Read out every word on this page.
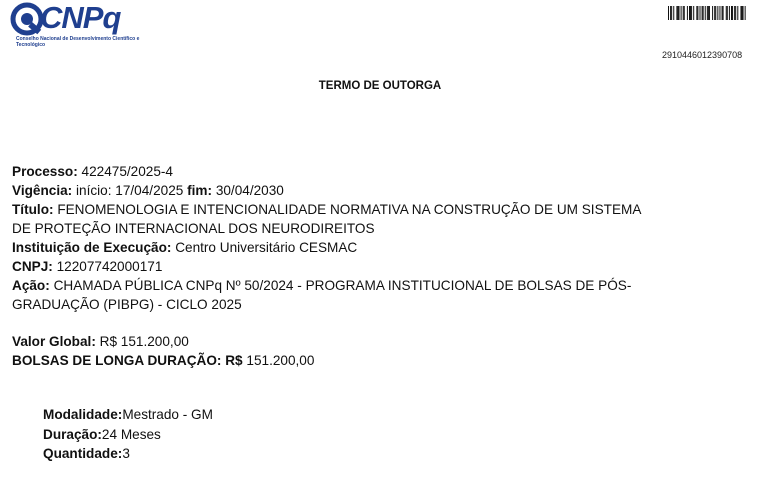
CNPq
Conselho Nacional de Desenvolvimento Científico e Tecnológico
2910446012390708
TERMO DE OUTORGA

Processo: 422475/2025-4

Vigência: início: 17/04/2025 fim: 30/04/2030

Título: FENOMENOLOGIA E INTENCIONALIDADE NORMATIVA NA CONSTRUÇÃO DE UM SISTEMA

DE PROTEÇÃO INTERNACIONAL DOS NEURODIREITOS

Instituição de Execução: Centro Universitário CESMAC

CNPJ: 12207742000171

Ação: CHAMADA PÚBLICA CNPq Nº 50/2024 - PROGRAMA INSTITUCIONAL DE BOLSAS DE PÓS-

GRADUAÇÃO (PIBPG) - CICLO 2025

Valor Global: R$ 151.200,00

BOLSAS DE LONGA DURAÇÃO: R$ 151.200,00

Modalidade:Mestrado - GM

Duração:24 Meses

Quantidade:3
